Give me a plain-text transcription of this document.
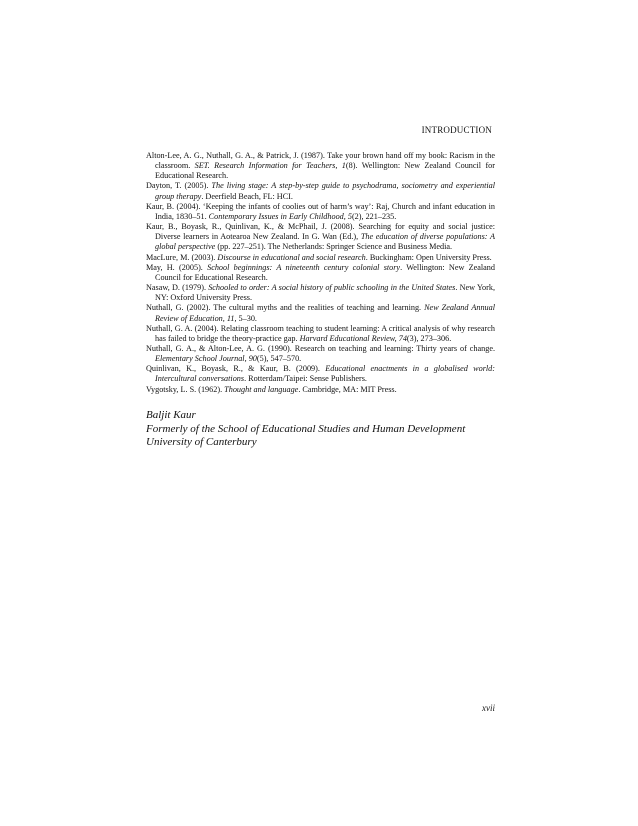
INTRODUCTION

Alton-Lee, A. G., Nuthall, G. A., & Patrick, J. (1987). Take your brown hand off my book: Racism in the classroom. SET. Research Information for Teachers, 1(8). Wellington: New Zealand Council for Educational Research.

Dayton, T. (2005). The living stage: A step-by-step guide to psychodrama, sociometry and experiential group therapy. Deerfield Beach, FL: HCI.

Kaur, B. (2004). ‘Keeping the infants of coolies out of harm’s way’: Raj, Church and infant education in India, 1830–51. Contemporary Issues in Early Childhood, 5(2), 221–235.

Kaur, B., Boyask, R., Quinlivan, K., & McPhail, J. (2008). Searching for equity and social justice: Diverse learners in Aotearoa New Zealand. In G. Wan (Ed.), The education of diverse populations: A global perspective (pp. 227–251). The Netherlands: Springer Science and Business Media.

MacLure, M. (2003). Discourse in educational and social research. Buckingham: Open University Press.

May, H. (2005). School beginnings: A nineteenth century colonial story. Wellington: New Zealand Council for Educational Research.

Nasaw, D. (1979). Schooled to order: A social history of public schooling in the United States. New York, NY: Oxford University Press.

Nuthall, G. (2002). The cultural myths and the realities of teaching and learning. New Zealand Annual Review of Education, 11, 5–30.

Nuthall, G. A. (2004). Relating classroom teaching to student learning: A critical analysis of why research has failed to bridge the theory-practice gap. Harvard Educational Review, 74(3), 273–306.

Nuthall, G. A., & Alton-Lee, A. G. (1990). Research on teaching and learning: Thirty years of change. Elementary School Journal, 90(5), 547–570.

Quinlivan, K., Boyask, R., & Kaur, B. (2009). Educational enactments in a globalised world: Intercultural conversations. Rotterdam/Taipei: Sense Publishers.

Vygotsky, L. S. (1962). Thought and language. Cambridge, MA: MIT Press.

Baljit Kaur
Formerly of the School of Educational Studies and Human Development
University of Canterbury
xvii
